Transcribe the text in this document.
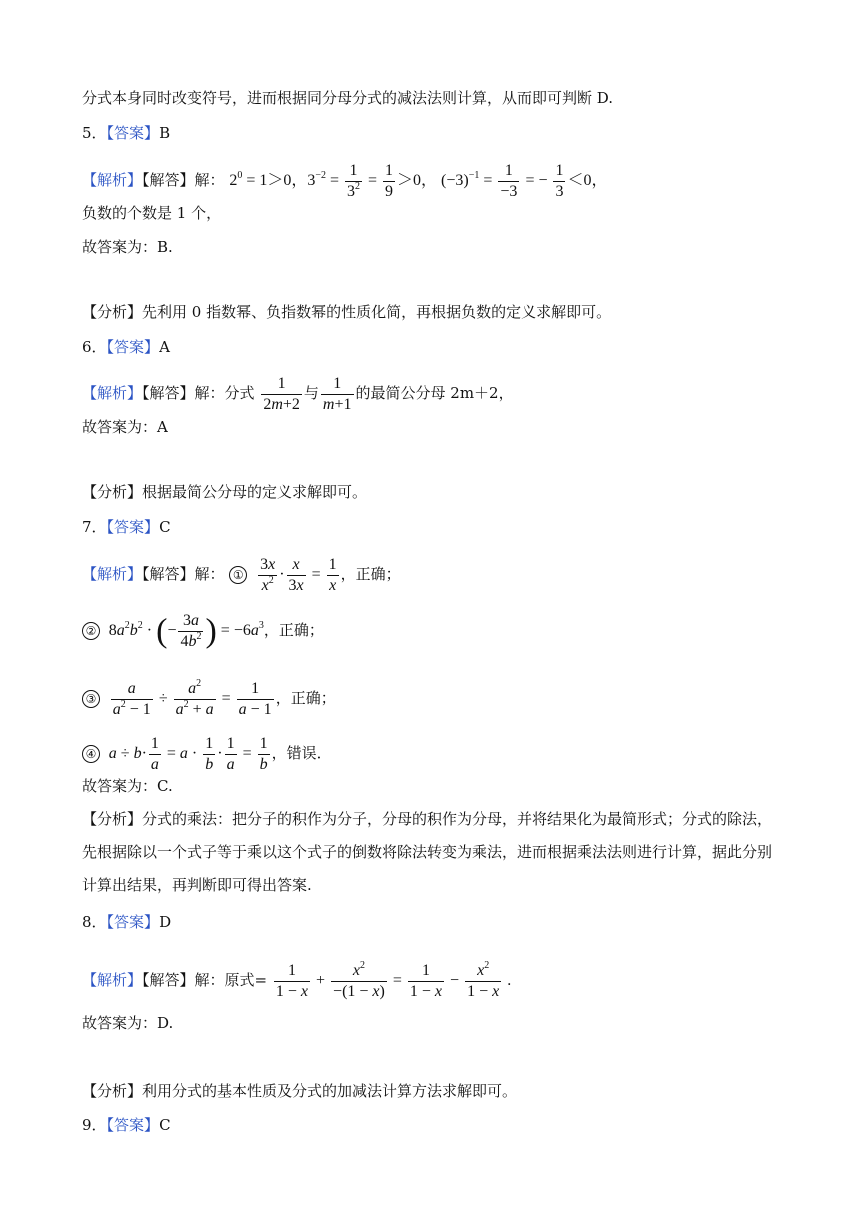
分式本身同时改变符号，进而根据同分母分式的减法法则计算，从而即可判断 D.
5．【答案】B
【解析】【解答】解： $2^0 = 1>0$，$3^{-2} = \frac{1}{3^2} = \frac{1}{9} >0$， $(-3)^{-1} = \frac{1}{-3}$ = − $\frac{1}{3} <0$，
负数的个数是 1 个，
故答案为：B.
【分析】先利用 0 指数幂、负指数幂的性质化简，再根据负数的定义求解即可。
6．【答案】A
【解析】【解答】解：分式 $\frac{1}{2m+2}$ 与 $\frac{1}{m+1}$ 的最简公分母 2m＋2，
故答案为：A
【分析】根据最简公分母的定义求解即可。
7．【答案】C
【解析】【解答】解： ① $\frac{3x}{x^2} \cdot \frac{x}{3x} = \frac{1}{x}$ ，正确；
② $8a^2b^2$ · (− $\frac{3a}{4b^2}$ ) = $-6a^3$，正确；
③ $\frac{a}{a^2 - 1} \div \frac{a^2}{a^2 + a} = \frac{1}{a - 1}$ ，正确；
④ $a \div b\cdot \frac{1}{a} = a \cdot \frac{1}{b} \cdot \frac{1}{a} = \frac{1}{b}$ ，错误．
故答案为：C.
【分析】分式的乘法：把分子的积作为分子，分母的积作为分母，并将结果化为最简形式；分式的除法，先根据除以一个式子等于乘以这个式子的倒数将除法转变为乘法，进而根据乘法法则进行计算，据此分别计算出结果，再判断即可得出答案.
8．【答案】D
【解析】【解答】解：原式= $\frac{1}{1 - x} + \frac{x^2}{-(1 - x)} = \frac{1}{1 - x} - \frac{x^2}{1 - x}$ .
故答案为：D.
【分析】利用分式的基本性质及分式的加减法计算方法求解即可。
9．【答案】C
